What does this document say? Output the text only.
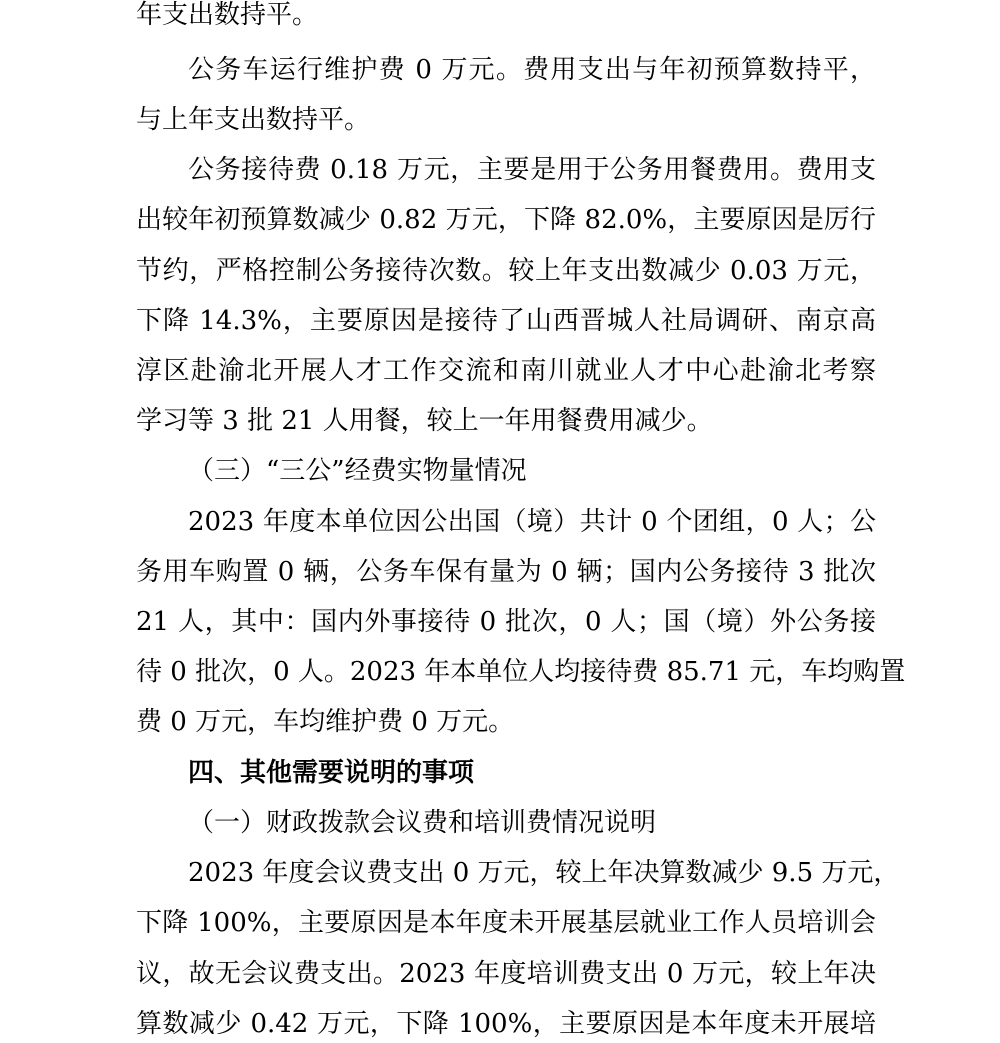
年支出数持平。
公务车运行维护费 0 万元。费用支出与年初预算数持平，
与上年支出数持平。
公务接待费 0.18 万元，主要是用于公务用餐费用。费用支
出较年初预算数减少 0.82 万元，下降 82.0%，主要原因是厉行
节约，严格控制公务接待次数。较上年支出数减少 0.03 万元，
下降 14.3%，主要原因是接待了山西晋城人社局调研、南京高
淳区赴渝北开展人才工作交流和南川就业人才中心赴渝北考察
学习等 3 批 21 人用餐，较上一年用餐费用减少。
（三）“三公”经费实物量情况
2023 年度本单位因公出国（境）共计 0 个团组，0 人；公
务用车购置 0 辆，公务车保有量为 0 辆；国内公务接待 3 批次
21 人，其中：国内外事接待 0 批次，0 人；国（境）外公务接
待 0 批次，0 人。2023 年本单位人均接待费 85.71 元，车均购置
费 0 万元，车均维护费 0 万元。
四、其他需要说明的事项
（一）财政拨款会议费和培训费情况说明
2023 年度会议费支出 0 万元，较上年决算数减少 9.5 万元，
下降 100%，主要原因是本年度未开展基层就业工作人员培训会
议，故无会议费支出。2023 年度培训费支出 0 万元，较上年决
算数减少 0.42 万元，下降 100%，主要原因是本年度未开展培
